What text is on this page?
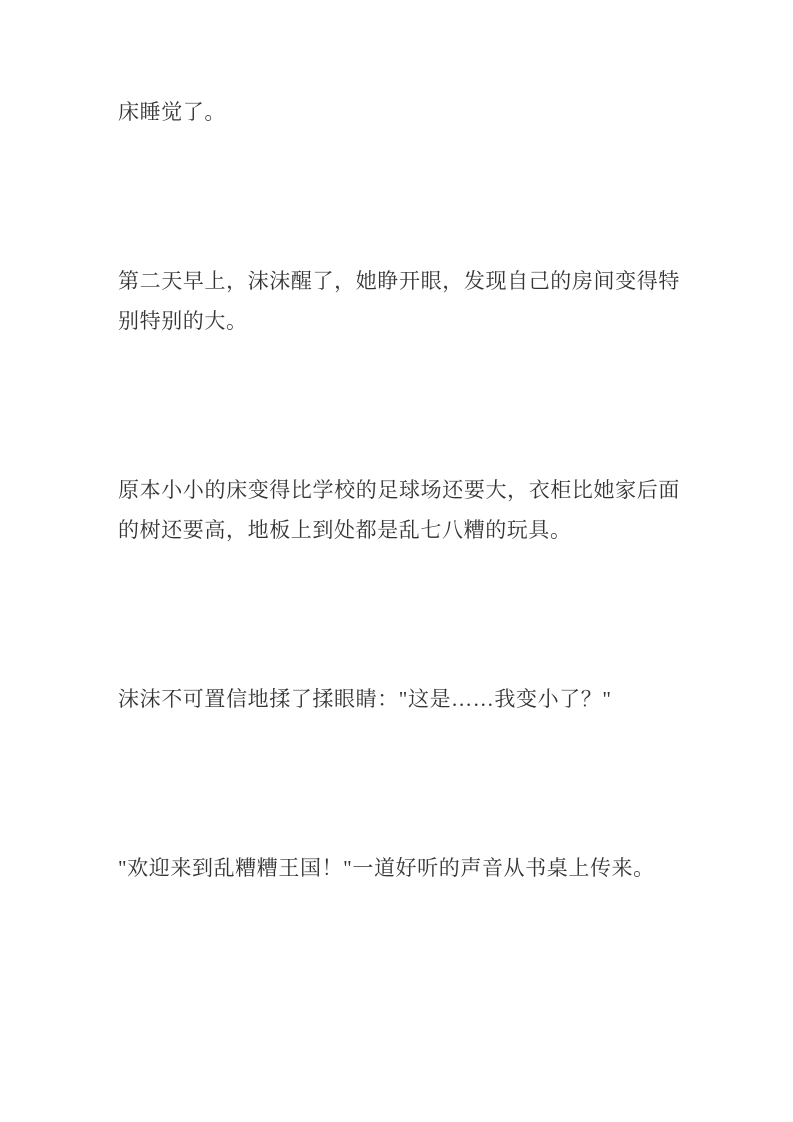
床睡觉了。

第二天早上，沫沫醒了，她睁开眼，发现自己的房间变得特别特别的大。

原本小小的床变得比学校的足球场还要大，衣柜比她家后面的树还要高，地板上到处都是乱七八糟的玩具。

沫沫不可置信地揉了揉眼睛："这是……我变小了？"

"欢迎来到乱糟糟王国！"一道好听的声音从书桌上传来。
